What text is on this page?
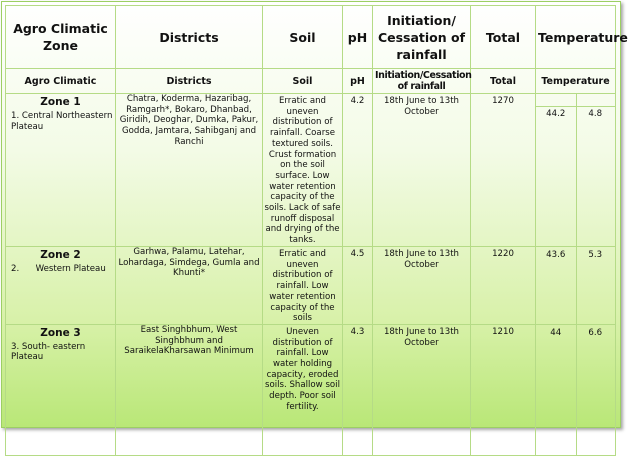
Agro Climatic Zone	Districts	Soil	pH	Initiation/ Cessation of rainfall	Total	Temperature
Agro Climatic	Districts	Soil	pH	Initiation/Cessation of rainfall	Total	Temperature

Zone 1
1. Central Northeastern Plateau	Chatra, Koderma, Hazaribag, Ramgarh*, Bokaro, Dhanbad, Giridih, Deoghar, Dumka, Pakur, Godda, Jamtara, Sahibganj and Ranchi	Erratic and uneven distribution of rainfall. Coarse textured soils. Crust formation on the soil surface. Low water retention capacity of the soils. Lack of safe runoff disposal and drying of the tanks.	4.2	18th June to 13th October	1270	44.2 4.8

Zone 2
2.      Western Plateau	Garhwa, Palamu, Latehar, Lohardaga, Simdega, Gumla and Khunti*	Erratic and uneven distribution of rainfall. Low water retention capacity of the soils	4.5	18th June to 13th October	1220	43.6 5.3

Zone 3
3. South- eastern Plateau	East Singhbhum, West Singhbhum and SaraikelaKharsawan Minimum	Uneven distribution of rainfall. Low water holding capacity, eroded soils. Shallow soil depth. Poor soil fertility.	4.3	18th June to 13th October	1210	44 6.6
